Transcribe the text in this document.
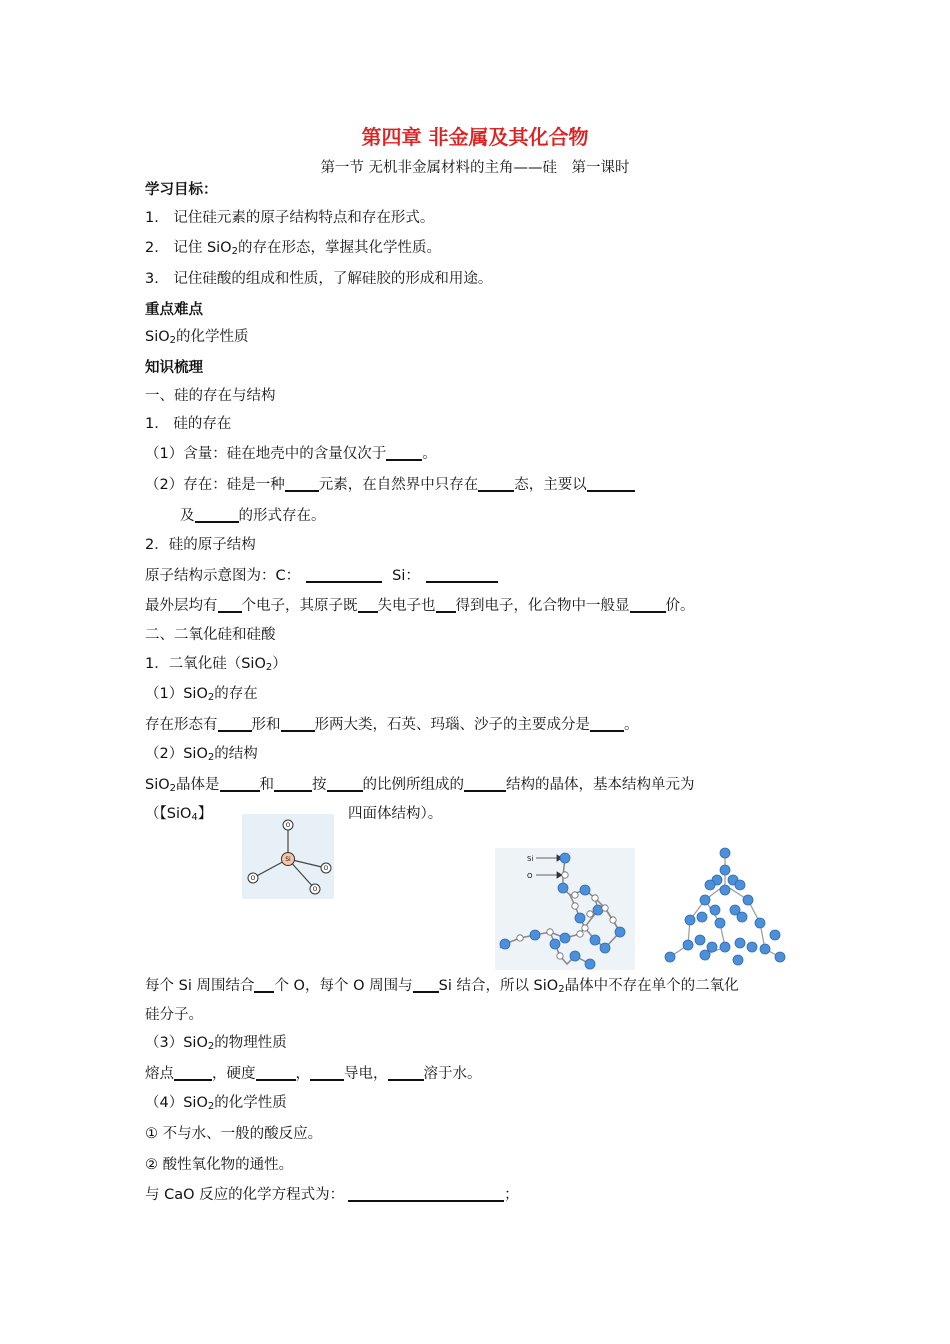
第四章 非金属及其化合物
第一节 无机非金属材料的主角——硅　第一课时
学习目标：
1.　记住硅元素的原子结构特点和存在形式。
2.　记住 SiO$_2$的存在形态，掌握其化学性质。
3.　记住硅酸的组成和性质，了解硅胶的形成和用途。
重点难点
SiO$_2$的化学性质
知识梳理
一、硅的存在与结构
1.　硅的存在
（1）含量：硅在地壳中的含量仅次于 。
（2）存在：硅是一种 元素，在自然界中只存在 态，主要以
及	的形式存在。
2．硅的原子结构
原子结构示意图为：C：	Si：
最外层均有 个电子，其原子既 失电子也 得到电子，化合物中一般显 价。
二、二氧化硅和硅酸
1．二氧化硅（SiO$_2$）
（1）SiO$_2$的存在
存在形态有 形和 形两大类，石英、玛瑙、沙子的主要成分是 。
（2）SiO$_2$的结构
SiO$_2$晶体是	和	按 的比例所组成的	结构的晶体，基本结构单元为
（【SiO$_4$】	四面体结构）。
Si
O
O
O
O
Si
O
每个 Si 周围结合 个 O，每个 O 周围与 Si 结合，所以 SiO$_2$晶体中不存在单个的二氧化
硅分子。
（3）SiO$_2$的物理性质
熔点	，硬度	， 导电， 溶于水。
（4）SiO$_2$的化学性质
① 不与水、一般的酸反应。
② 酸性氧化物的通性。
与 CaO 反应的化学方程式为：	；
